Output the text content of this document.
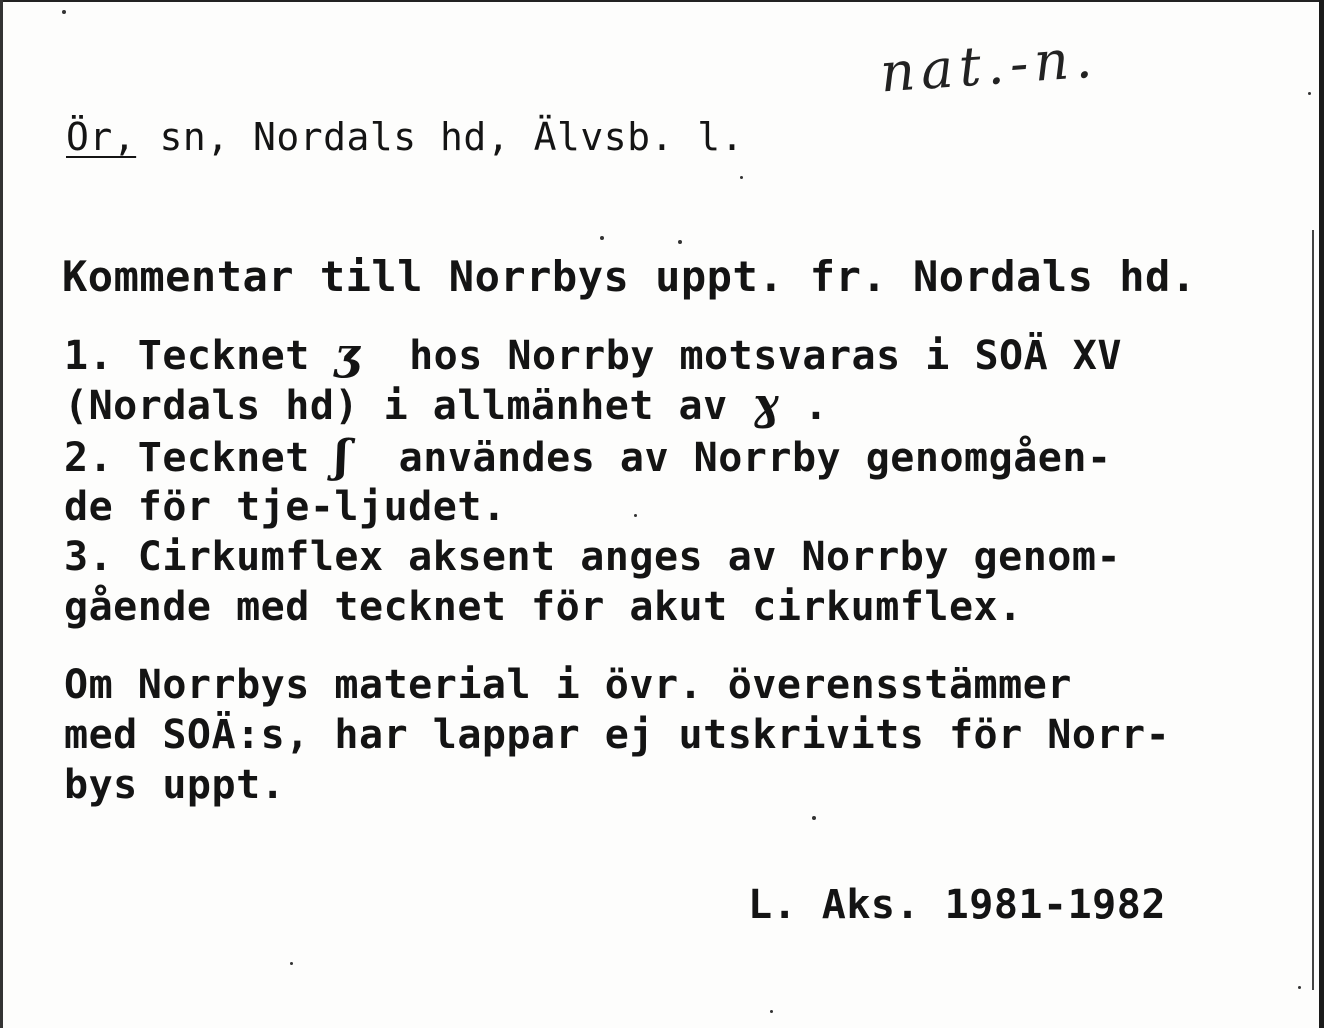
nat.-n.
Ör, sn, Nordals hd, Älvsb. l.
Kommentar till Norrbys uppt. fr. Nordals hd.
1. Tecknet ʒ  hos Norrby motsvaras i SOÄ XV
(Nordals hd) i allmänhet av ɣ .
2. Tecknet ʃ  användes av Norrby genomgåen-
de för tje-ljudet.
3. Cirkumflex aksent anges av Norrby genom-
gående med tecknet för akut cirkumflex.
Om Norrbys material i övr. överensstämmer
med SOÄ:s, har lappar ej utskrivits för Norr-
bys uppt.
L. Aks. 1981-1982
